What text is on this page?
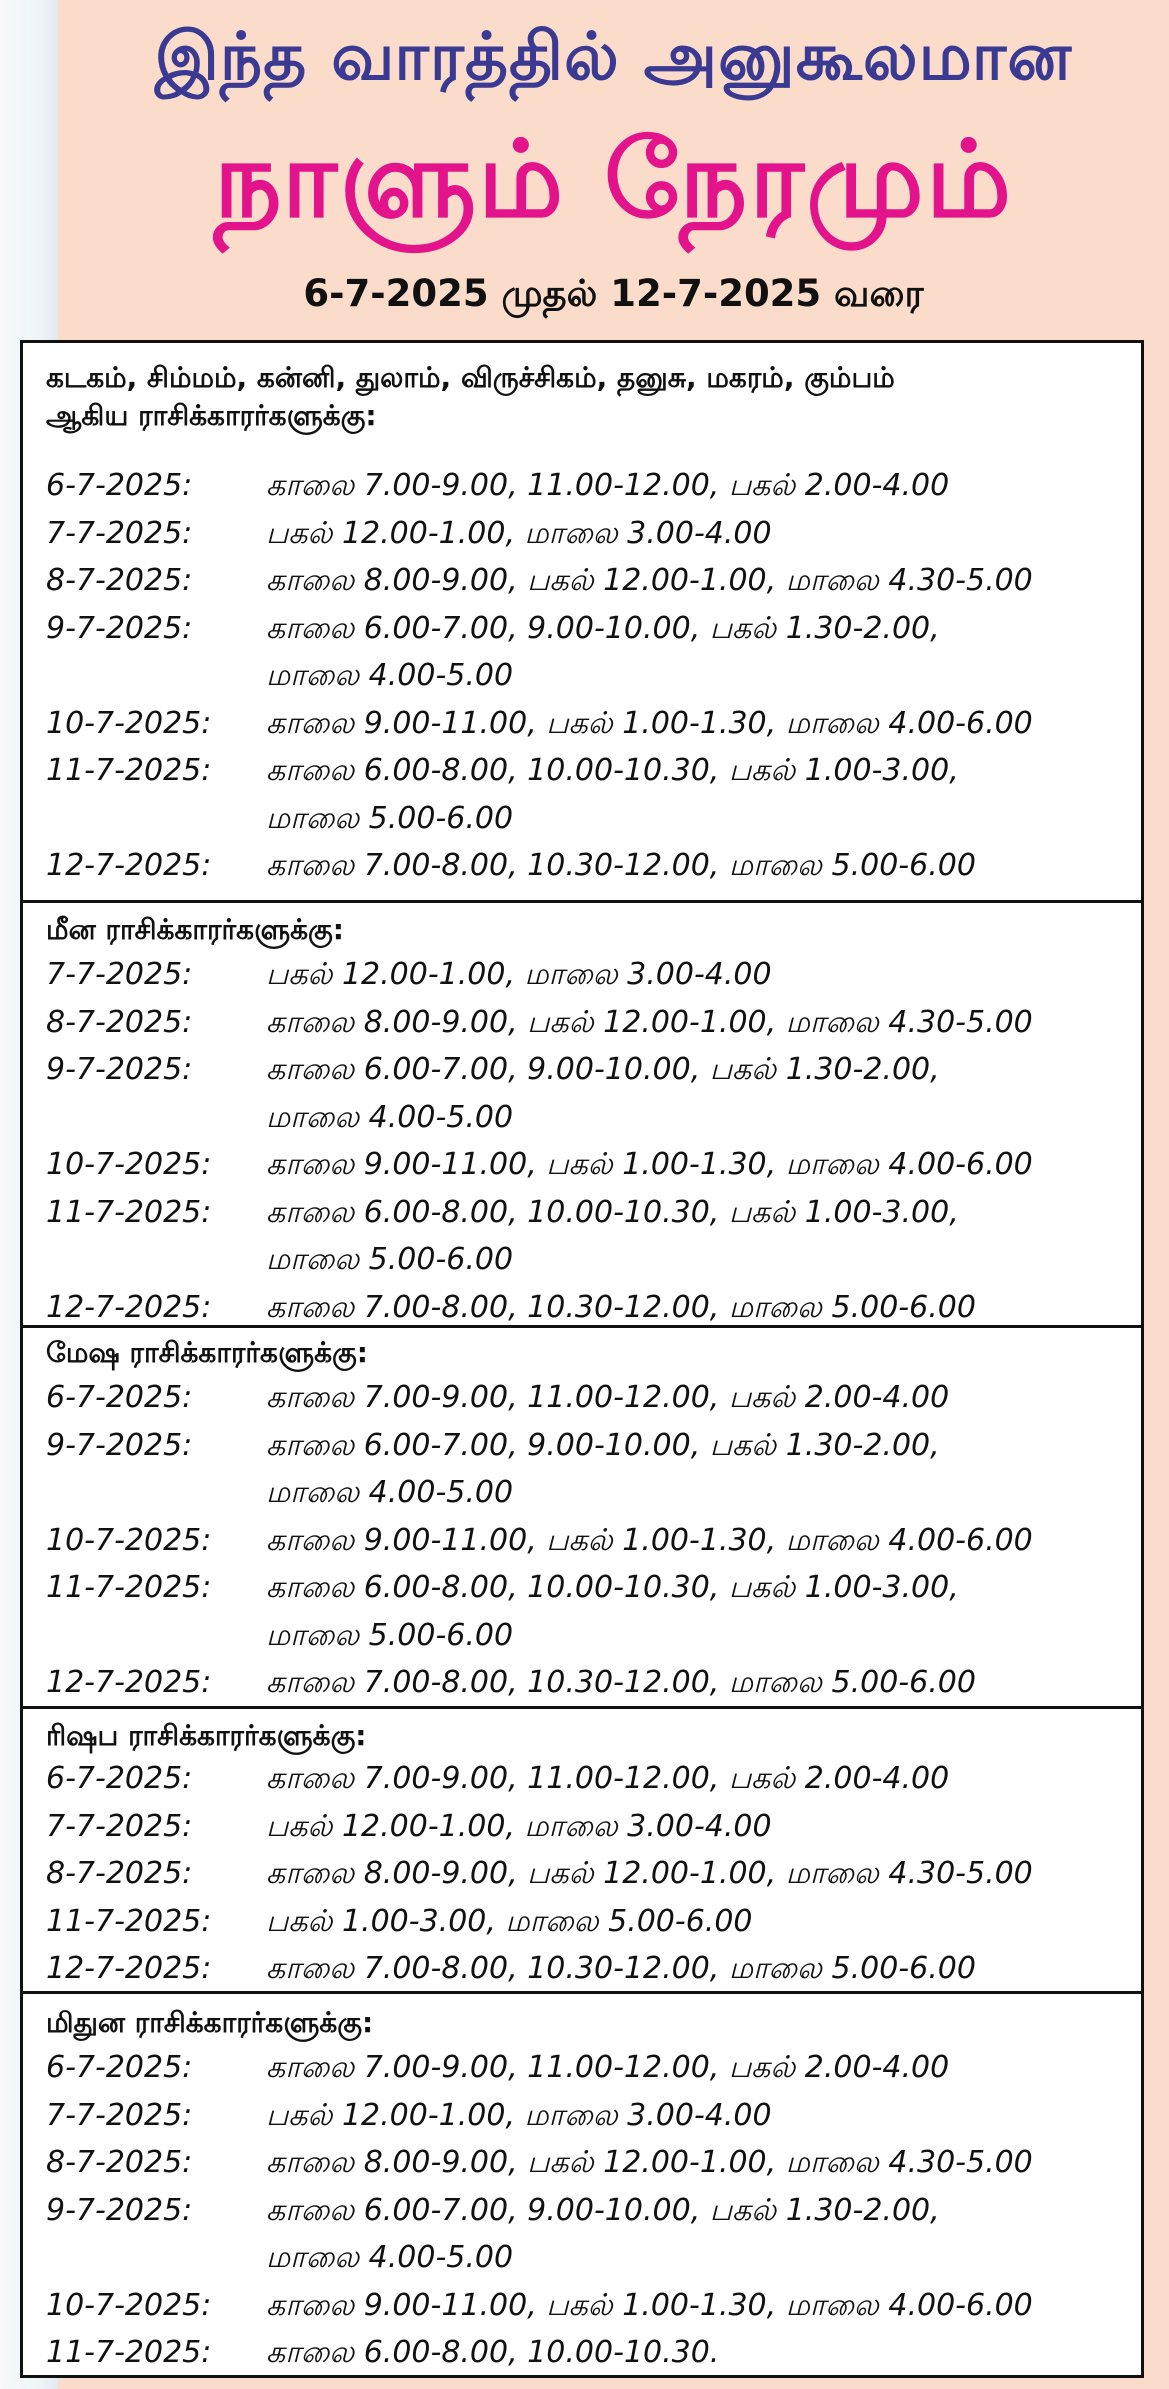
இந்த வாரத்தில் அனுகூலமான
நாளும் நேரமும்
6-7-2025 முதல் 12-7-2025 வரை
கடகம், சிம்மம், கன்னி, துலாம், விருச்சிகம், தனுசு, மகரம், கும்பம்
ஆகிய ராசிக்காரர்களுக்கு:
6-7-2025: காலை 7.00-9.00, 11.00-12.00, பகல் 2.00-4.00
7-7-2025: பகல் 12.00-1.00, மாலை 3.00-4.00
8-7-2025: காலை 8.00-9.00, பகல் 12.00-1.00, மாலை 4.30-5.00
9-7-2025: காலை 6.00-7.00, 9.00-10.00, பகல் 1.30-2.00,
மாலை 4.00-5.00
10-7-2025: காலை 9.00-11.00, பகல் 1.00-1.30, மாலை 4.00-6.00
11-7-2025: காலை 6.00-8.00, 10.00-10.30, பகல் 1.00-3.00,
மாலை 5.00-6.00
12-7-2025: காலை 7.00-8.00, 10.30-12.00, மாலை 5.00-6.00
மீன ராசிக்காரர்களுக்கு:
7-7-2025: பகல் 12.00-1.00, மாலை 3.00-4.00
8-7-2025: காலை 8.00-9.00, பகல் 12.00-1.00, மாலை 4.30-5.00
9-7-2025: காலை 6.00-7.00, 9.00-10.00, பகல் 1.30-2.00,
மாலை 4.00-5.00
10-7-2025: காலை 9.00-11.00, பகல் 1.00-1.30, மாலை 4.00-6.00
11-7-2025: காலை 6.00-8.00, 10.00-10.30, பகல் 1.00-3.00,
மாலை 5.00-6.00
12-7-2025: காலை 7.00-8.00, 10.30-12.00, மாலை 5.00-6.00
மேஷ ராசிக்காரர்களுக்கு:
6-7-2025: காலை 7.00-9.00, 11.00-12.00, பகல் 2.00-4.00
9-7-2025: காலை 6.00-7.00, 9.00-10.00, பகல் 1.30-2.00,
மாலை 4.00-5.00
10-7-2025: காலை 9.00-11.00, பகல் 1.00-1.30, மாலை 4.00-6.00
11-7-2025: காலை 6.00-8.00, 10.00-10.30, பகல் 1.00-3.00,
மாலை 5.00-6.00
12-7-2025: காலை 7.00-8.00, 10.30-12.00, மாலை 5.00-6.00
ரிஷப ராசிக்காரர்களுக்கு:
6-7-2025: காலை 7.00-9.00, 11.00-12.00, பகல் 2.00-4.00
7-7-2025: பகல் 12.00-1.00, மாலை 3.00-4.00
8-7-2025: காலை 8.00-9.00, பகல் 12.00-1.00, மாலை 4.30-5.00
11-7-2025: பகல் 1.00-3.00, மாலை 5.00-6.00
12-7-2025: காலை 7.00-8.00, 10.30-12.00, மாலை 5.00-6.00
மிதுன ராசிக்காரர்களுக்கு:
6-7-2025: காலை 7.00-9.00, 11.00-12.00, பகல் 2.00-4.00
7-7-2025: பகல் 12.00-1.00, மாலை 3.00-4.00
8-7-2025: காலை 8.00-9.00, பகல் 12.00-1.00, மாலை 4.30-5.00
9-7-2025: காலை 6.00-7.00, 9.00-10.00, பகல் 1.30-2.00,
மாலை 4.00-5.00
10-7-2025: காலை 9.00-11.00, பகல் 1.00-1.30, மாலை 4.00-6.00
11-7-2025: காலை 6.00-8.00, 10.00-10.30.
